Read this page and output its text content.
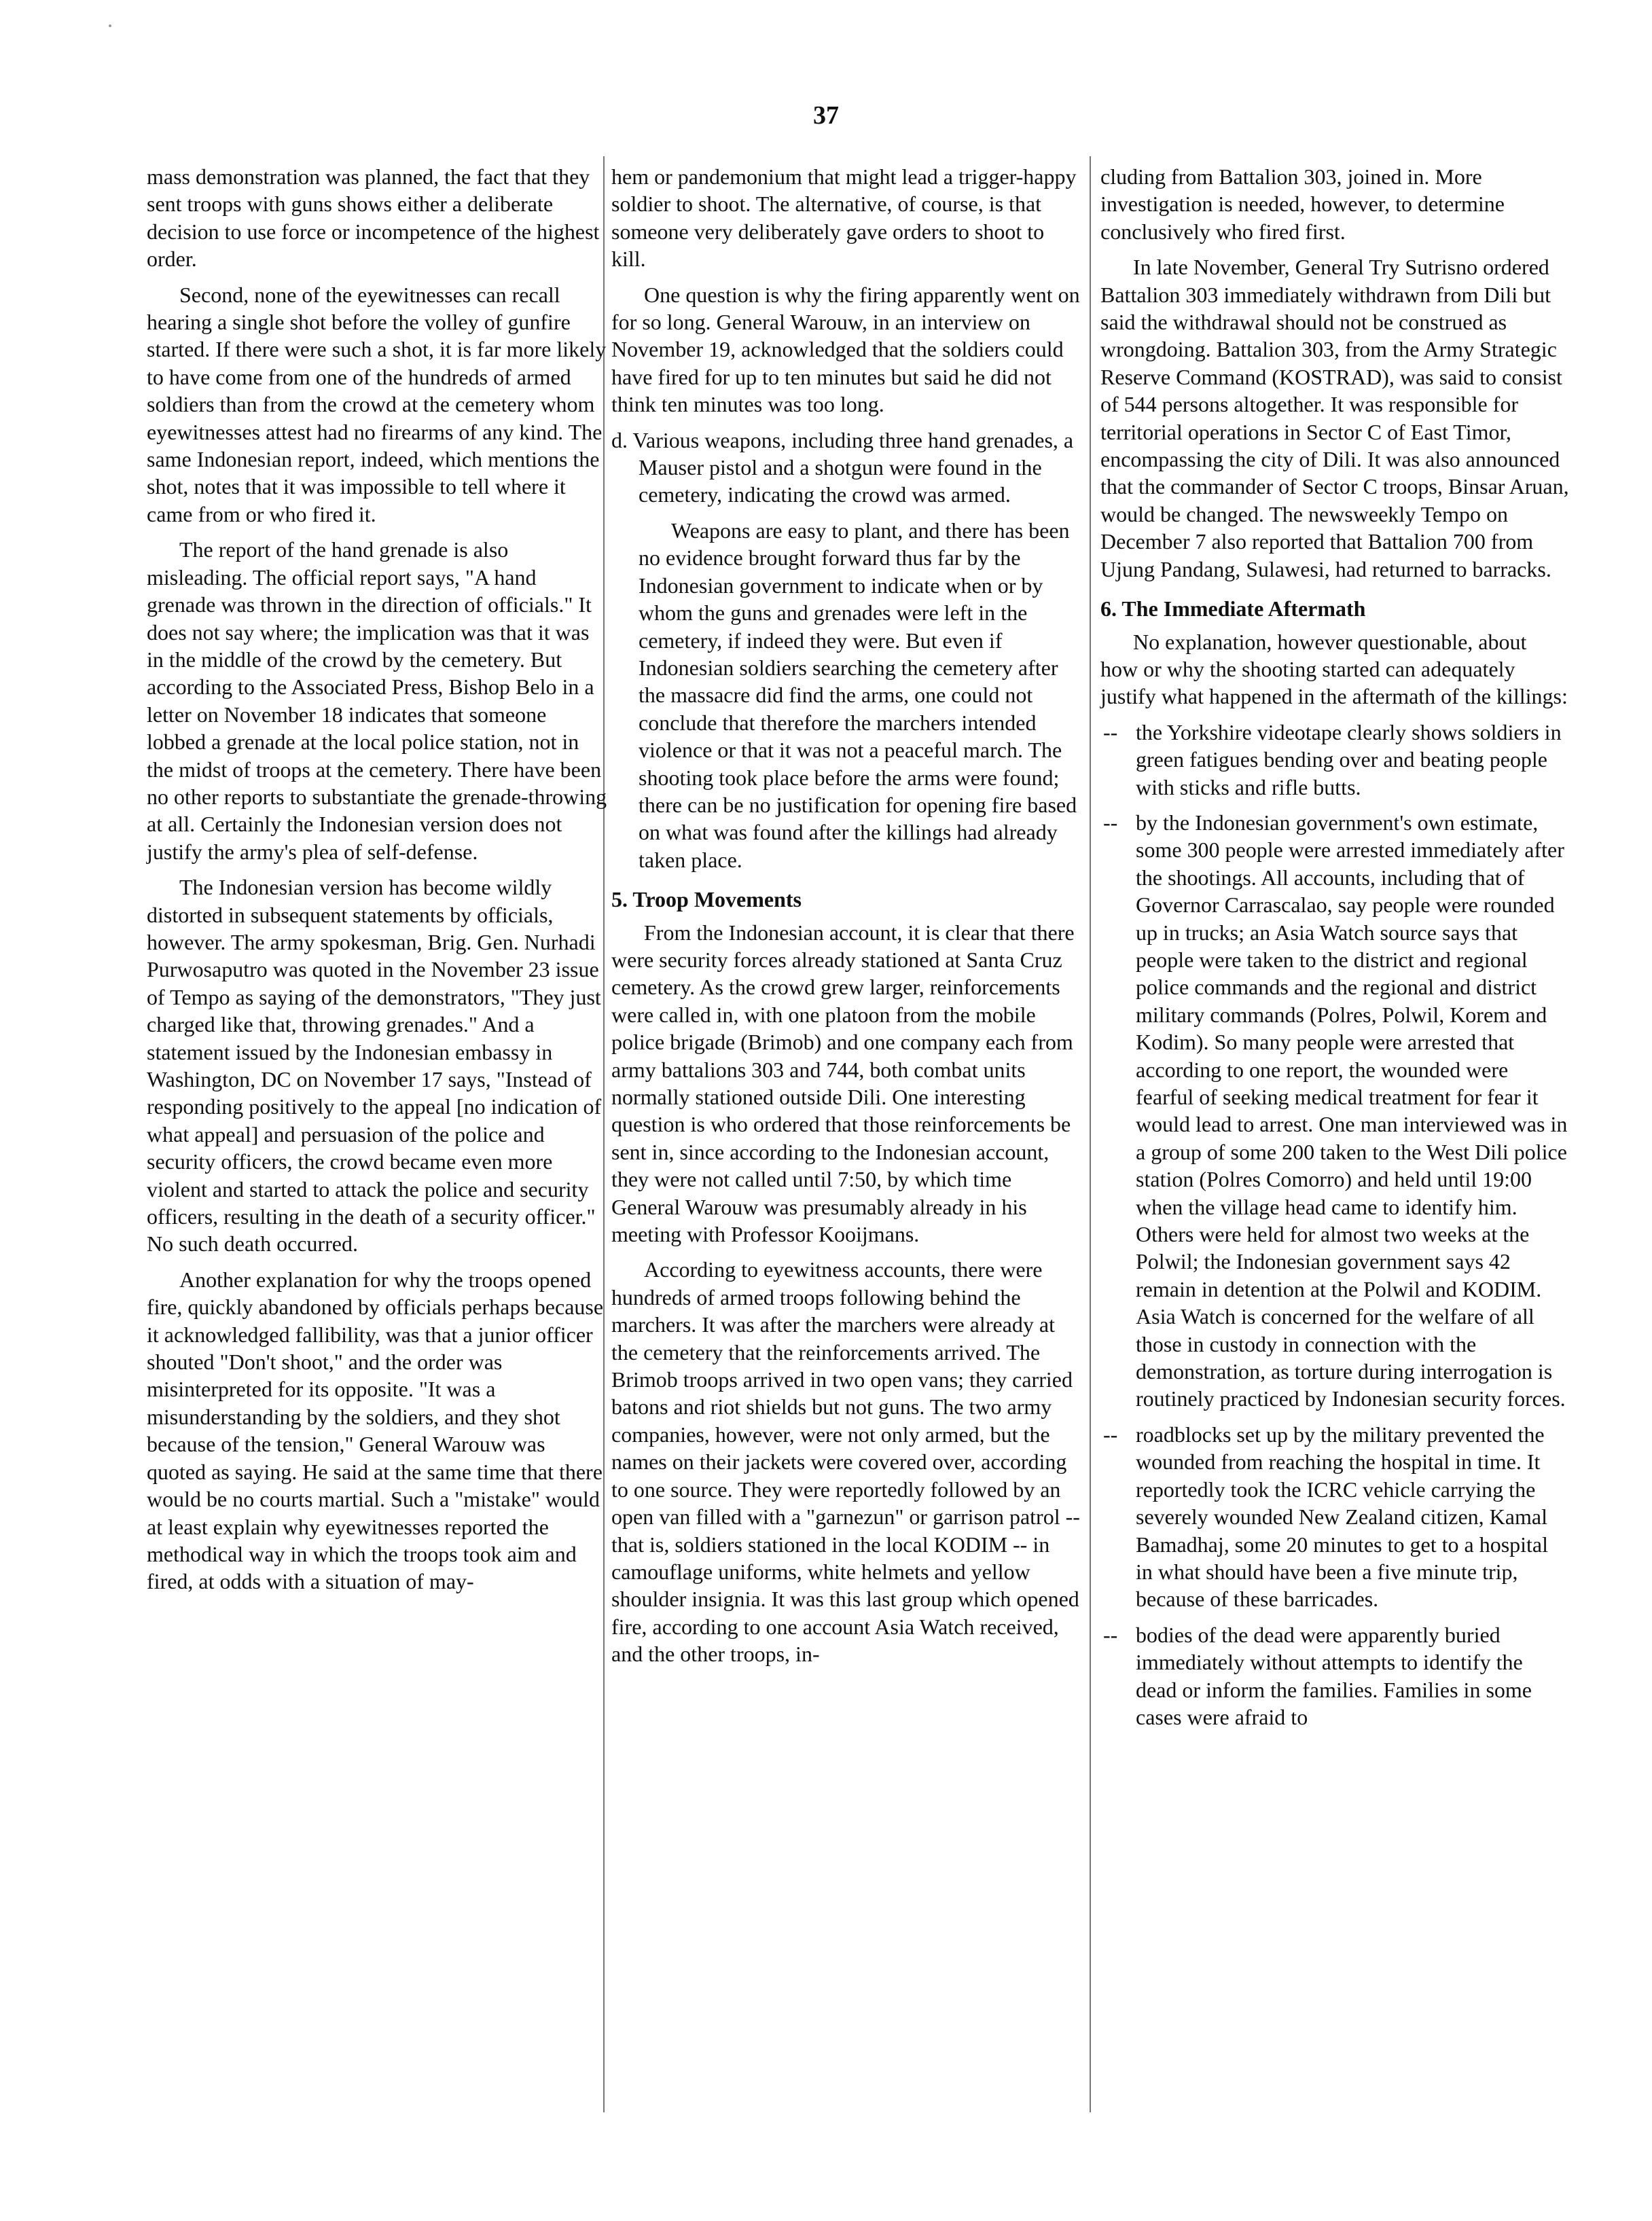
37

mass demonstration was planned, the fact that they sent troops with guns shows either a deliberate decision to use force or incompetence of the highest order.

Second, none of the eyewitnesses can recall hearing a single shot before the volley of gunfire started. If there were such a shot, it is far more likely to have come from one of the hundreds of armed soldiers than from the crowd at the cemetery whom eyewitnesses attest had no firearms of any kind. The same Indonesian report, indeed, which mentions the shot, notes that it was impossible to tell where it came from or who fired it.

The report of the hand grenade is also misleading. The official report says, "A hand grenade was thrown in the direction of officials." It does not say where; the implication was that it was in the middle of the crowd by the cemetery. But according to the Associated Press, Bishop Belo in a letter on November 18 indicates that someone lobbed a grenade at the local police station, not in the midst of troops at the cemetery. There have been no other reports to substantiate the grenade-throwing at all. Certainly the Indonesian version does not justify the army's plea of self-defense.

The Indonesian version has become wildly distorted in subsequent statements by officials, however. The army spokesman, Brig. Gen. Nurhadi Purwosaputro was quoted in the November 23 issue of Tempo as saying of the demonstrators, "They just charged like that, throwing grenades." And a statement issued by the Indonesian embassy in Washington, DC on November 17 says, "Instead of responding positively to the appeal [no indication of what appeal] and persuasion of the police and security officers, the crowd became even more violent and started to attack the police and security officers, resulting in the death of a security officer." No such death occurred.

Another explanation for why the troops opened fire, quickly abandoned by officials perhaps because it acknowledged fallibility, was that a junior officer shouted "Don't shoot," and the order was misinterpreted for its opposite. "It was a misunderstanding by the soldiers, and they shot because of the tension," General Warouw was quoted as saying. He said at the same time that there would be no courts martial. Such a "mistake" would at least explain why eyewitnesses reported the methodical way in which the troops took aim and fired, at odds with a situation of may-

hem or pandemonium that might lead a trigger-happy soldier to shoot. The alternative, of course, is that someone very deliberately gave orders to shoot to kill.

One question is why the firing apparently went on for so long. General Warouw, in an interview on November 19, acknowledged that the soldiers could have fired for up to ten minutes but said he did not think ten minutes was too long.

d. Various weapons, including three hand grenades, a Mauser pistol and a shotgun were found in the cemetery, indicating the crowd was armed.

Weapons are easy to plant, and there has been no evidence brought forward thus far by the Indonesian government to indicate when or by whom the guns and grenades were left in the cemetery, if indeed they were. But even if Indonesian soldiers searching the cemetery after the massacre did find the arms, one could not conclude that therefore the marchers intended violence or that it was not a peaceful march. The shooting took place before the arms were found; there can be no justification for opening fire based on what was found after the killings had already taken place.

5. Troop Movements

From the Indonesian account, it is clear that there were security forces already stationed at Santa Cruz cemetery. As the crowd grew larger, reinforcements were called in, with one platoon from the mobile police brigade (Brimob) and one company each from army battalions 303 and 744, both combat units normally stationed outside Dili. One interesting question is who ordered that those reinforcements be sent in, since according to the Indonesian account, they were not called until 7:50, by which time General Warouw was presumably already in his meeting with Professor Kooijmans.

According to eyewitness accounts, there were hundreds of armed troops following behind the marchers. It was after the marchers were already at the cemetery that the reinforcements arrived. The Brimob troops arrived in two open vans; they carried batons and riot shields but not guns. The two army companies, however, were not only armed, but the names on their jackets were covered over, according to one source. They were reportedly followed by an open van filled with a "garnezun" or garrison patrol --that is, soldiers stationed in the local KODIM -- in camouflage uniforms, white helmets and yellow shoulder insignia. It was this last group which opened fire, according to one account Asia Watch received, and the other troops, in-

cluding from Battalion 303, joined in. More investigation is needed, however, to determine conclusively who fired first.

In late November, General Try Sutrisno ordered Battalion 303 immediately withdrawn from Dili but said the withdrawal should not be construed as wrongdoing. Battalion 303, from the Army Strategic Reserve Command (KOSTRAD), was said to consist of 544 persons altogether. It was responsible for territorial operations in Sector C of East Timor, encompassing the city of Dili. It was also announced that the commander of Sector C troops, Binsar Aruan, would be changed. The newsweekly Tempo on December 7 also reported that Battalion 700 from Ujung Pandang, Sulawesi, had returned to barracks.

6. The Immediate Aftermath

No explanation, however questionable, about how or why the shooting started can adequately justify what happened in the aftermath of the killings:

-- the Yorkshire videotape clearly shows soldiers in green fatigues bending over and beating people with sticks and rifle butts.
-- by the Indonesian government's own estimate, some 300 people were arrested immediately after the shootings. All accounts, including that of Governor Carrascalao, say people were rounded up in trucks; an Asia Watch source says that people were taken to the district and regional police commands and the regional and district military commands (Polres, Polwil, Korem and Kodim). So many people were arrested that according to one report, the wounded were fearful of seeking medical treatment for fear it would lead to arrest. One man interviewed was in a group of some 200 taken to the West Dili police station (Polres Comorro) and held until 19:00 when the village head came to identify him. Others were held for almost two weeks at the Polwil; the Indonesian government says 42 remain in detention at the Polwil and KODIM. Asia Watch is concerned for the welfare of all those in custody in connection with the demonstration, as torture during interrogation is routinely practiced by Indonesian security forces.
-- roadblocks set up by the military prevented the wounded from reaching the hospital in time. It reportedly took the ICRC vehicle carrying the severely wounded New Zealand citizen, Kamal Bamadhaj, some 20 minutes to get to a hospital in what should have been a five minute trip, because of these barricades.
-- bodies of the dead were apparently buried immediately without attempts to identify the dead or inform the families. Families in some cases were afraid to
